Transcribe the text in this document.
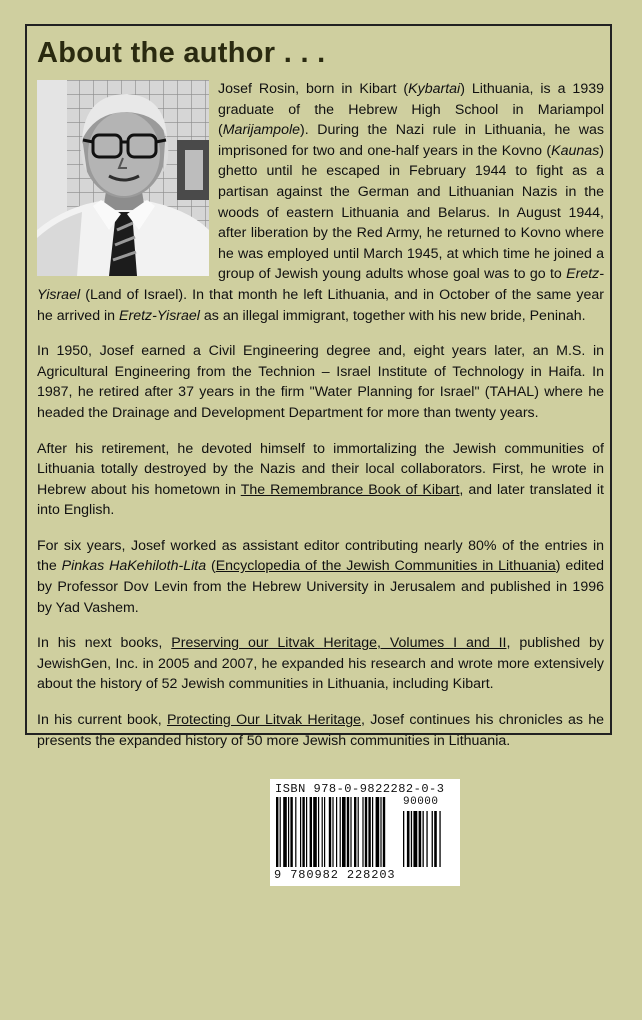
About the author . . .

Josef Rosin, born in Kibart (Kybartai) Lithuania, is a 1939 graduate of the Hebrew High School in Mariampol (Marijampole). During the Nazi rule in Lithuania, he was imprisoned for two and one-half years in the Kovno (Kaunas) ghetto until he escaped in February 1944 to fight as a partisan against the German and Lithuanian Nazis in the woods of eastern Lithuania and Belarus. In August 1944, after liberation by the Red Army, he returned to Kovno where he was employed until March 1945, at which time he joined a group of Jewish young adults whose goal was to go to Eretz-Yisrael (Land of Israel). In that month he left Lithuania, and in October of the same year he arrived in Eretz-Yisrael as an illegal immigrant, together with his new bride, Peninah.

In 1950, Josef earned a Civil Engineering degree and, eight years later, an M.S. in Agricultural Engineering from the Technion – Israel Institute of Technology in Haifa. In 1987, he retired after 37 years in the firm "Water Planning for Israel" (TAHAL) where he headed the Drainage and Development Department for more than twenty years.

After his retirement, he devoted himself to immortalizing the Jewish communities of Lithuania totally destroyed by the Nazis and their local collaborators. First, he wrote in Hebrew about his hometown in The Remembrance Book of Kibart, and later translated it into English.

For six years, Josef worked as assistant editor contributing nearly 80% of the entries in the Pinkas HaKehiloth-Lita (Encyclopedia of the Jewish Communities in Lithuania) edited by Professor Dov Levin from the Hebrew University in Jerusalem and published in 1996 by Yad Vashem.

In his next books, Preserving our Litvak Heritage, Volumes I and II, published by JewishGen, Inc. in 2005 and 2007, he expanded his research and wrote more extensively about the history of 52 Jewish communities in Lithuania, including Kibart.

In his current book, Protecting Our Litvak Heritage, Josef continues his chronicles as he presents the expanded history of 50 more Jewish communities in Lithuania.

ISBN 978-0-9822282-0-3
90000
9 780982 228203
